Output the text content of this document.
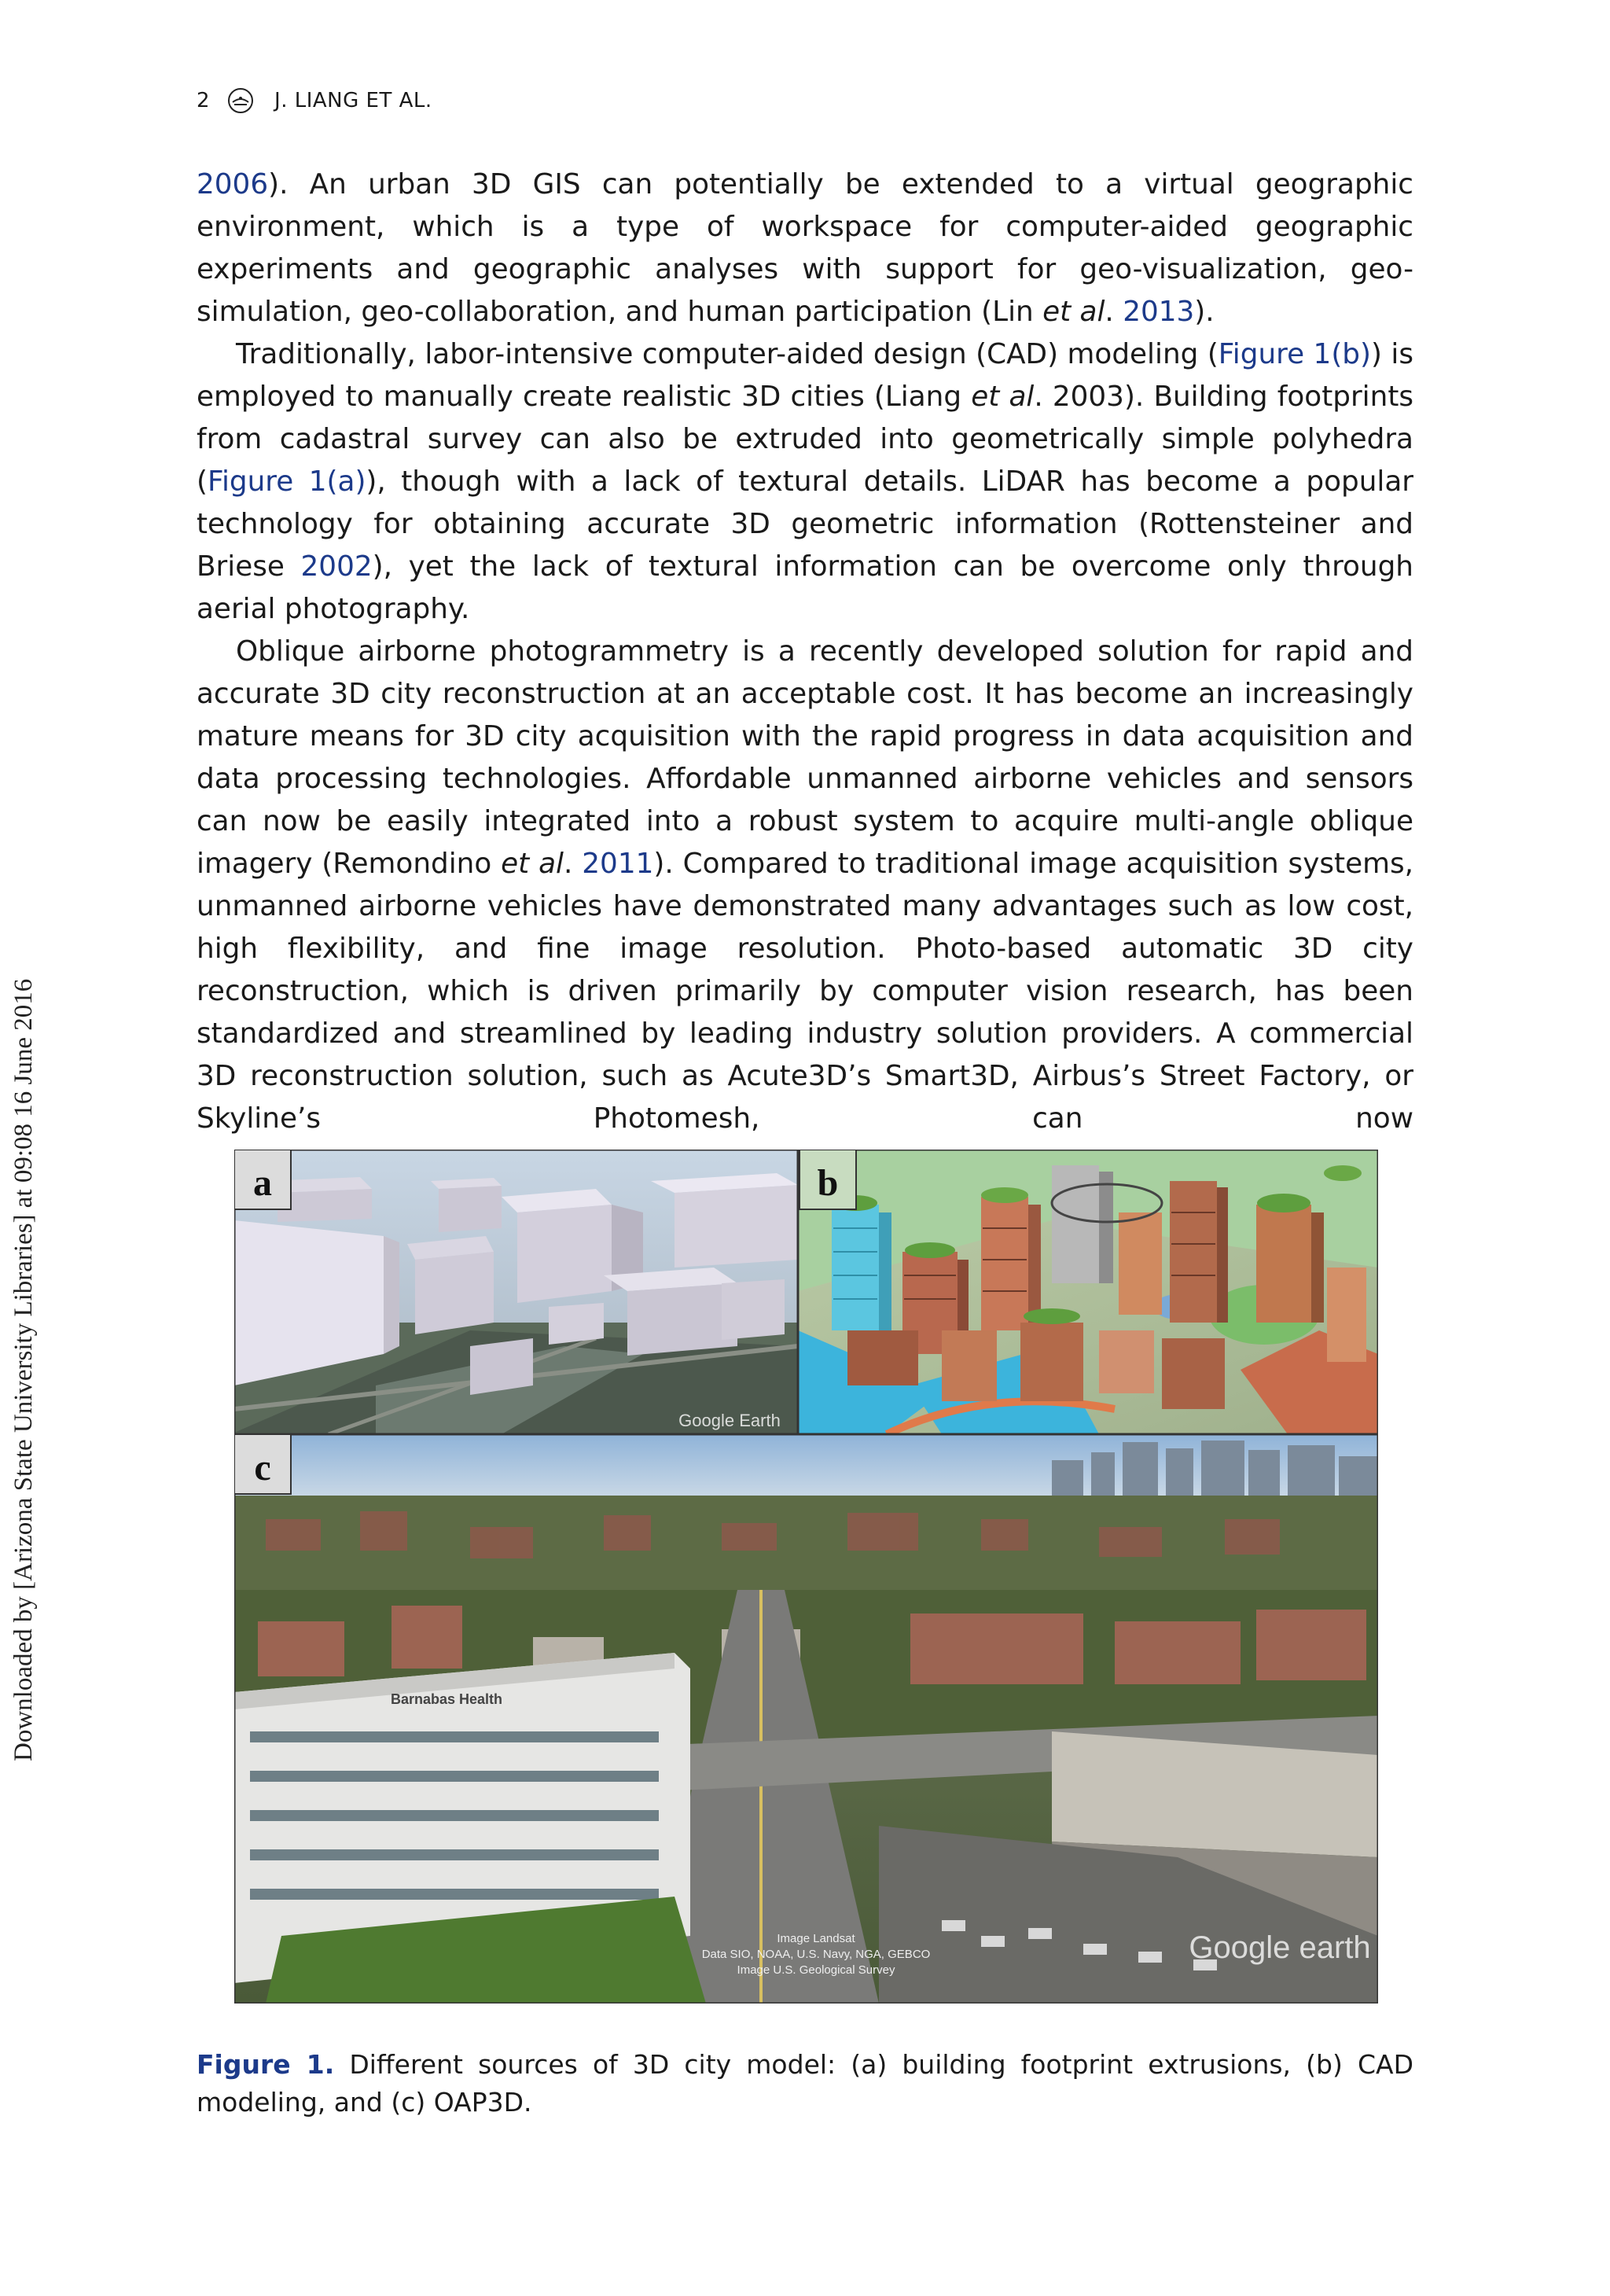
2	J. LIANG ET AL.
Downloaded by [Arizona State University Libraries] at 09:08 16 June 2016

2006). An urban 3D GIS can potentially be extended to a virtual geographic environment, which is a type of workspace for computer-aided geographic experiments and geographic analyses with support for geo-visualization, geo-simulation, geo-collaboration, and human participation (Lin et al. 2013).

Traditionally, labor-intensive computer-aided design (CAD) modeling (Figure 1(b)) is employed to manually create realistic 3D cities (Liang et al. 2003). Building footprints from cadastral survey can also be extruded into geometrically simple polyhedra (Figure 1(a)), though with a lack of textural details. LiDAR has become a popular technology for obtaining accurate 3D geometric information (Rottensteiner and Briese 2002), yet the lack of textural information can be overcome only through aerial photography.

Oblique airborne photogrammetry is a recently developed solution for rapid and accurate 3D city reconstruction at an acceptable cost. It has become an increasingly mature means for 3D city acquisition with the rapid progress in data acquisition and data processing technologies. Affordable unmanned airborne vehicles and sensors can now be easily integrated into a robust system to acquire multi-angle oblique imagery (Remondino et al. 2011). Compared to traditional image acquisition systems, unmanned airborne vehicles have demonstrated many advantages such as low cost, high flexibility, and fine image resolution. Photo-based automatic 3D city reconstruction, which is driven primarily by computer vision research, has been standardized and streamlined by leading industry solution providers. A commercial 3D reconstruction solution, such as Acute3D’s Smart3D, Airbus’s Street Factory, or Skyline’s Photomesh, can now

a
Google Earth
b
Barnabas Health
c
Google earth
Image Landsat
Data SIO, NOAA, U.S. Navy, NGA, GEBCO
Image U.S. Geological Survey
Figure 1. Different sources of 3D city model: (a) building footprint extrusions, (b) CAD modeling, and (c) OAP3D.
